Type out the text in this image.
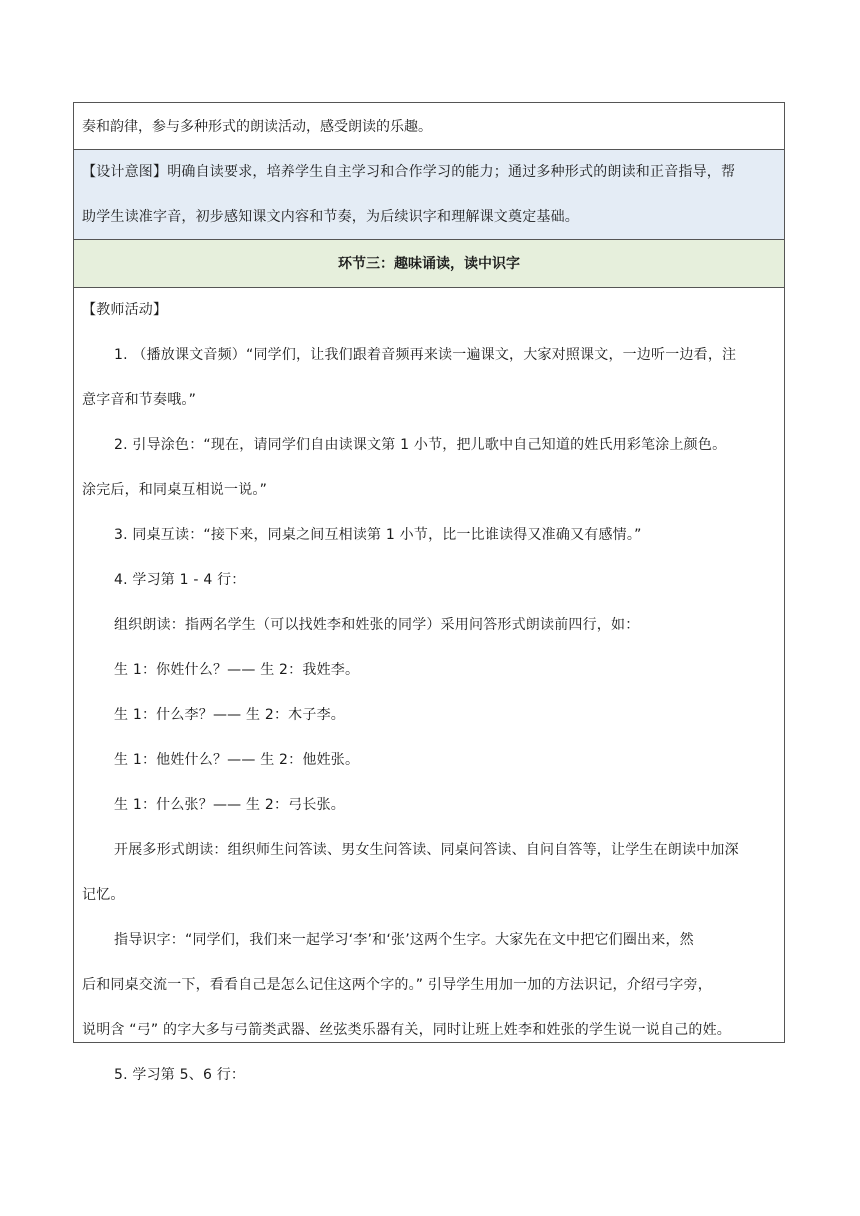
奏和韵律，参与多种形式的朗读活动，感受朗读的乐趣。

【设计意图】明确自读要求，培养学生自主学习和合作学习的能力；通过多种形式的朗读和正音指导，帮

助学生读准字音，初步感知课文内容和节奏，为后续识字和理解课文奠定基础。

环节三：趣味诵读，读中识字

【教师活动】

1. （播放课文音频）“同学们，让我们跟着音频再来读一遍课文，大家对照课文，一边听一边看，注

意字音和节奏哦。”

2. 引导涂色：“现在，请同学们自由读课文第 1 小节，把儿歌中自己知道的姓氏用彩笔涂上颜色。

涂完后，和同桌互相说一说。”

3. 同桌互读：“接下来，同桌之间互相读第 1 小节，比一比谁读得又准确又有感情。”

4. 学习第 1 - 4 行：

组织朗读：指两名学生（可以找姓李和姓张的同学）采用问答形式朗读前四行，如：

生 1：你姓什么？—— 生 2：我姓李。

生 1：什么李？—— 生 2：木子李。

生 1：他姓什么？—— 生 2：他姓张。

生 1：什么张？—— 生 2：弓长张。

开展多形式朗读：组织师生问答读、男女生问答读、同桌问答读、自问自答等，让学生在朗读中加深

记忆。

指导识字：“同学们，我们来一起学习‘李’和‘张’这两个生字。大家先在文中把它们圈出来，然

后和同桌交流一下，看看自己是怎么记住这两个字的。” 引导学生用加一加的方法识记，介绍弓字旁，

说明含 “弓” 的字大多与弓箭类武器、丝弦类乐器有关，同时让班上姓李和姓张的学生说一说自己的姓。

5. 学习第 5、6 行：
